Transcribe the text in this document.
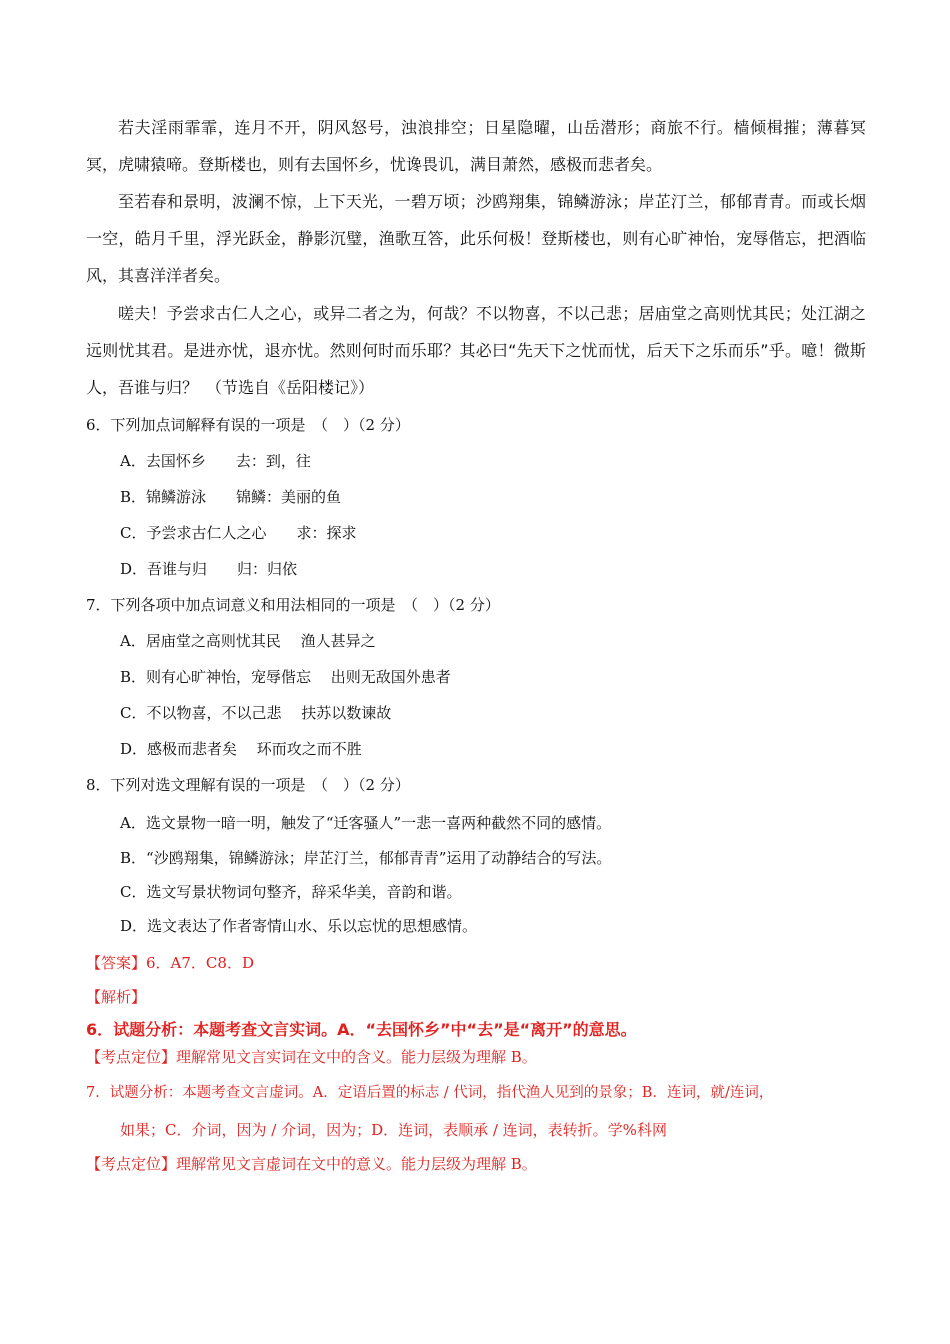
若夫淫雨霏霏，连月不开，阴风怒号，浊浪排空；日星隐曜，山岳潜形；商旅不行。樯倾楫摧；薄暮冥冥，虎啸猿啼。登斯楼也，则有去国怀乡，忧谗畏讥，满目萧然，感极而悲者矣。

至若春和景明，波澜不惊，上下天光，一碧万顷；沙鸥翔集，锦鳞游泳；岸芷汀兰，郁郁青青。而或长烟一空，皓月千里，浮光跃金，静影沉璧，渔歌互答，此乐何极！登斯楼也，则有心旷神怡，宠辱偕忘，把酒临风，其喜洋洋者矣。

嗟夫！予尝求古仁人之心，或异二者之为，何哉？不以物喜，不以己悲；居庙堂之高则忧其民；处江湖之远则忧其君。是进亦忧，退亦忧。然则何时而乐耶？其必曰“先天下之忧而忧，后天下之乐而乐”乎。噫！微斯人，吾谁与归？　（节选自《岳阳楼记》）

6．下列加点词解释有误的一项是　（　）（2 分）

A．去国怀乡　　去：到，往

B．锦鳞游泳　　锦鳞：美丽的鱼

C．予尝求古仁人之心　　求：探求

D．吾谁与归　　归：归依

7．下列各项中加点词意义和用法相同的一项是　（　）（2 分）

A．居庙堂之高则忧其民　 渔人甚异之

B．则有心旷神怡，宠辱偕忘　 出则无敌国外患者

C．不以物喜，不以己悲　 扶苏以数谏故

D．感极而悲者矣　 环而攻之而不胜

8．下列对选文理解有误的一项是　（　）（2 分）

A．选文景物一暗一明，触发了“迁客骚人”一悲一喜两种截然不同的感情。

B．“沙鸥翔集，锦鳞游泳；岸芷汀兰，郁郁青青”运用了动静结合的写法。

C．选文写景状物词句整齐，辞采华美，音韵和谐。

D．选文表达了作者寄情山水、乐以忘忧的思想感情。

【答案】6．A7．C8．D

【解析】

6．试题分析：本题考查文言实词。A．“去国怀乡”中“去”是“离开”的意思。

【考点定位】理解常见文言实词在文中的含义。能力层级为理解 B。

7．试题分析：本题考查文言虚词。A．定语后置的标志 / 代词，指代渔人见到的景象；B．连词，就/连词，

如果；C．介词，因为 / 介词，因为；D．连词，表顺承 / 连词，表转折。学%科网

【考点定位】理解常见文言虚词在文中的意义。能力层级为理解 B。
